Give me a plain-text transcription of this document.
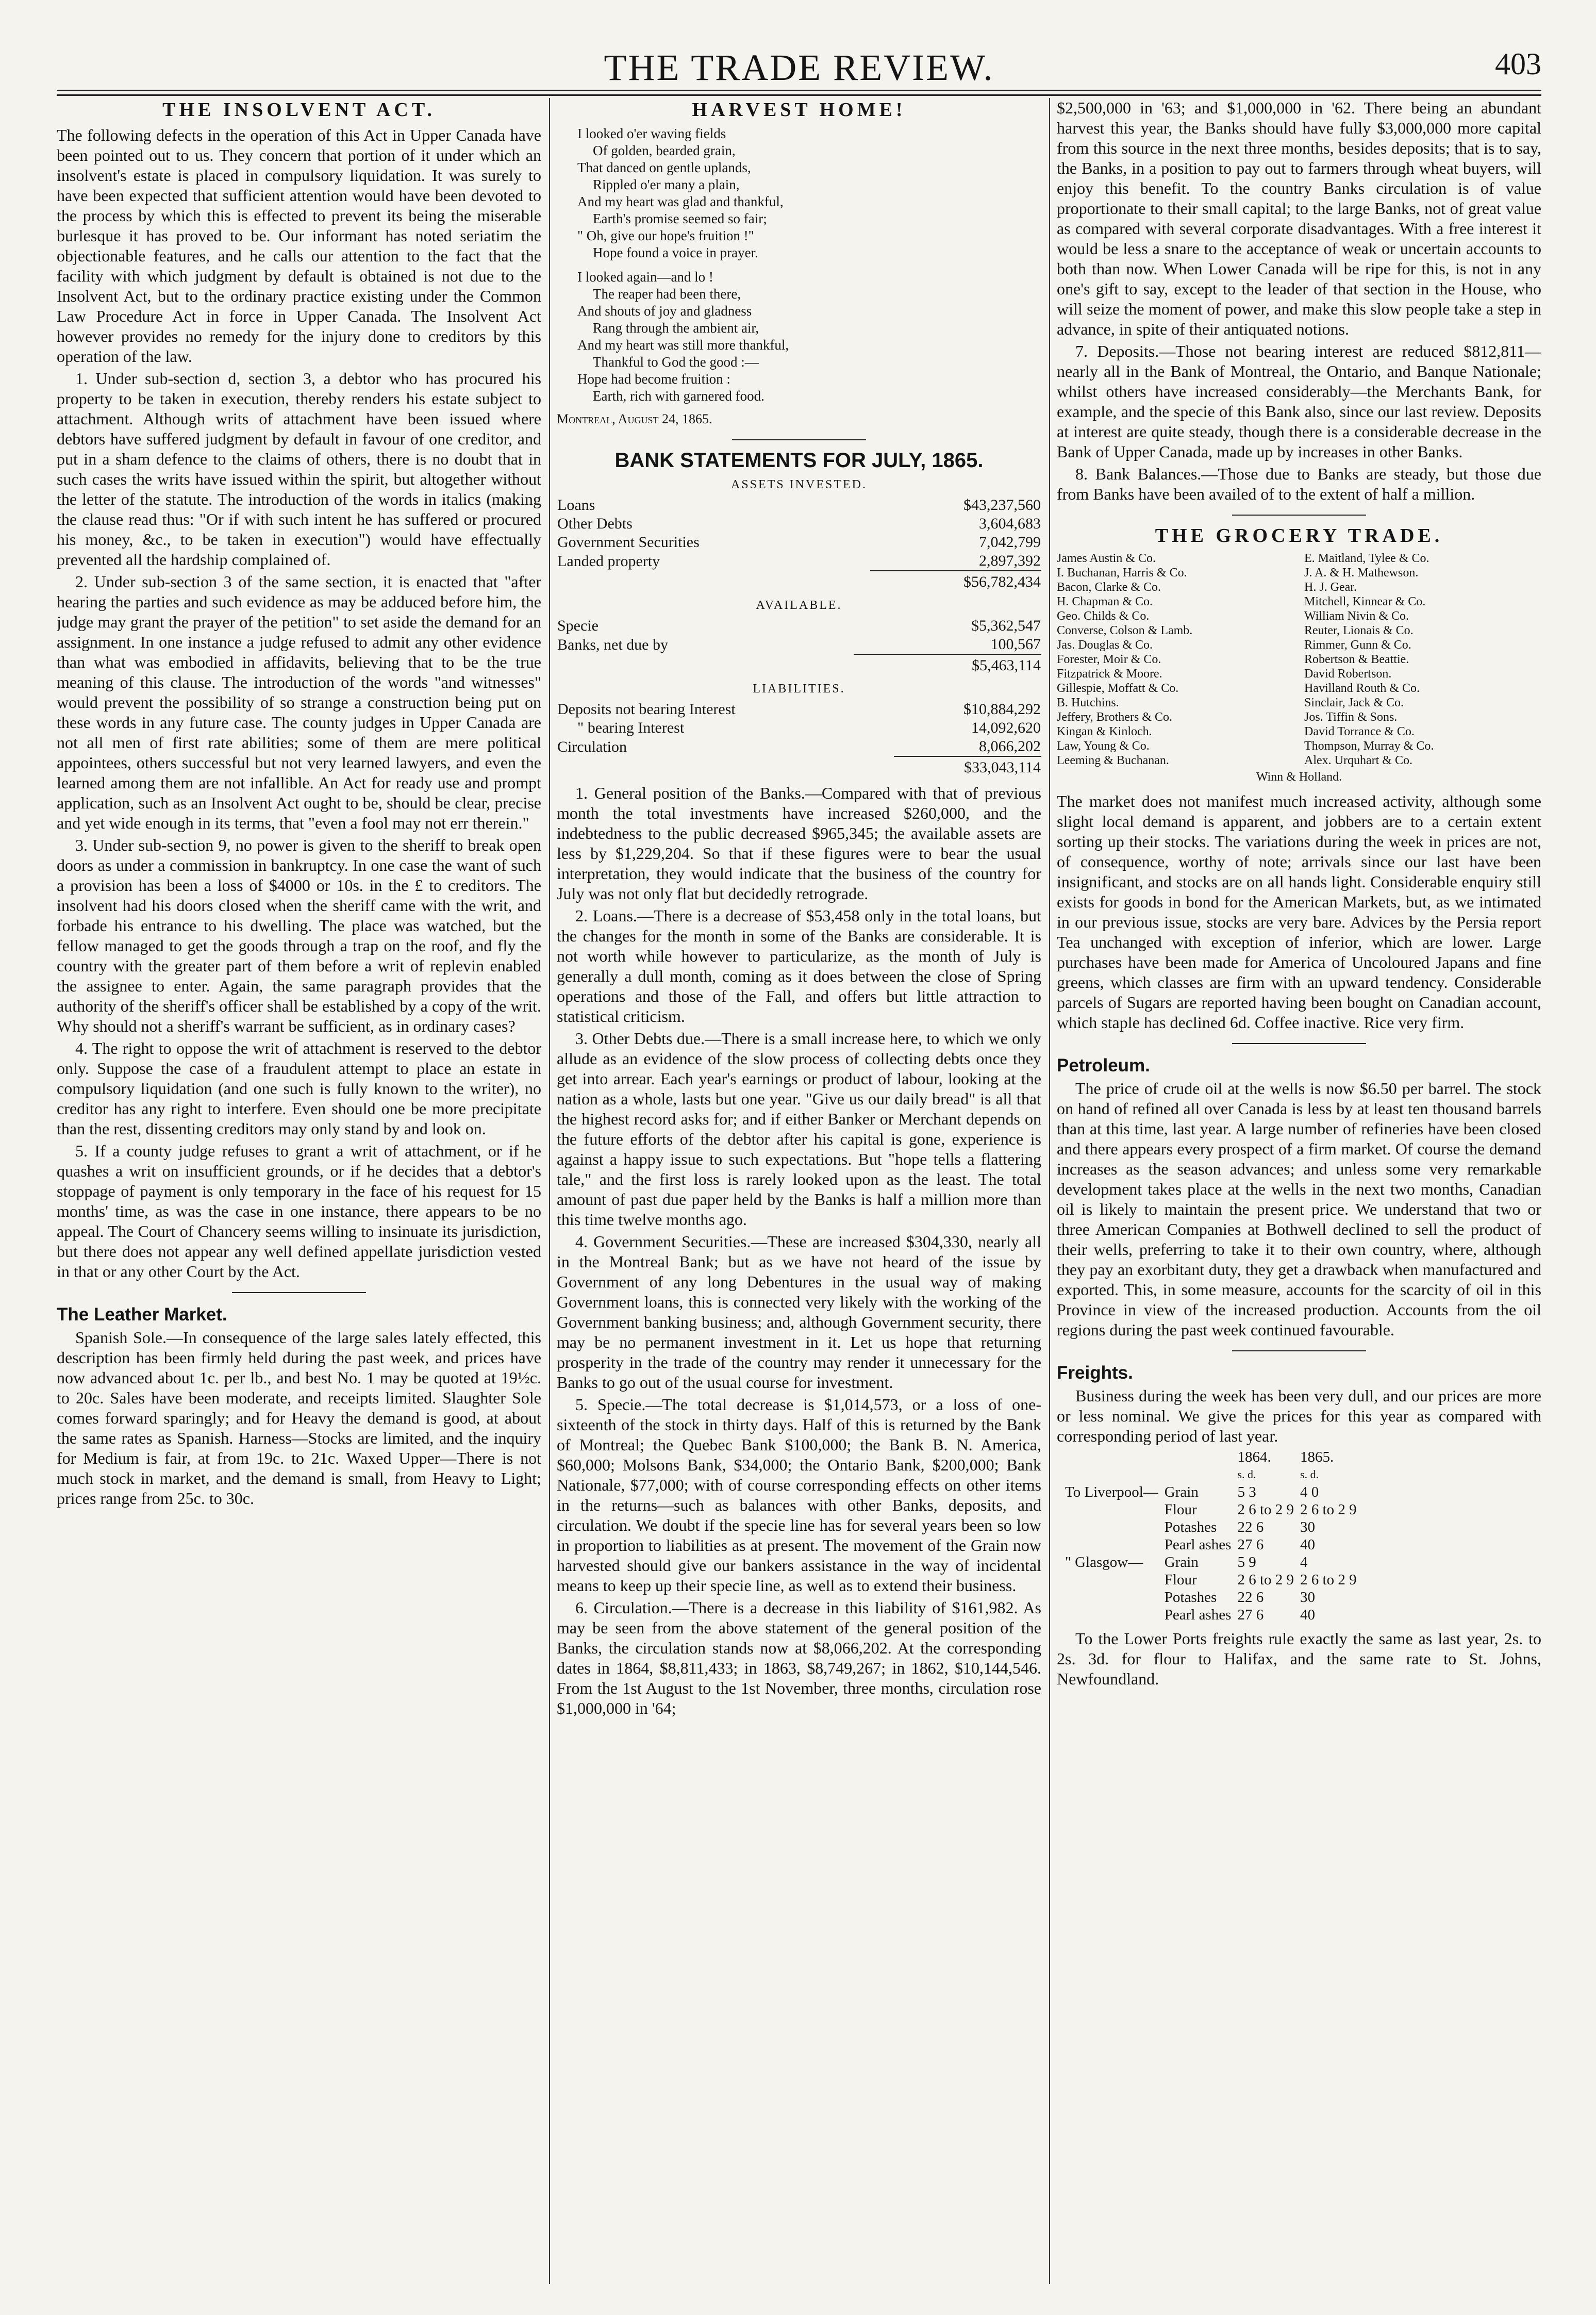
THE TRADE REVIEW.	403
THE INSOLVENT ACT.

The following defects in the operation of this Act in Upper Canada have been pointed out to us. They concern that portion of it under which an insolvent's estate is placed in compulsory liquidation. It was surely to have been expected that sufficient attention would have been devoted to the process by which this is effected to prevent its being the miserable burlesque it has proved to be. Our informant has noted seriatim the objectionable features, and he calls our attention to the fact that the facility with which judgment by default is obtained is not due to the Insolvent Act, but to the ordinary practice existing under the Common Law Procedure Act in force in Upper Canada. The Insolvent Act however provides no remedy for the injury done to creditors by this operation of the law.

1. Under sub-section d, section 3, a debtor who has procured his property to be taken in execution, thereby renders his estate subject to attachment. Although writs of attachment have been issued where debtors have suffered judgment by default in favour of one creditor, and put in a sham defence to the claims of others, there is no doubt that in such cases the writs have issued within the spirit, but altogether without the letter of the statute. The introduction of the words in italics (making the clause read thus: "Or if with such intent he has suffered or procured his money, &c., to be taken in execution") would have effectually prevented all the hardship complained of.

2. Under sub-section 3 of the same section, it is enacted that "after hearing the parties and such evidence as may be adduced before him, the judge may grant the prayer of the petition" to set aside the demand for an assignment. In one instance a judge refused to admit any other evidence than what was embodied in affidavits, believing that to be the true meaning of this clause. The introduction of the words "and witnesses" would prevent the possibility of so strange a construction being put on these words in any future case. The county judges in Upper Canada are not all men of first rate abilities; some of them are mere political appointees, others successful but not very learned lawyers, and even the learned among them are not infallible. An Act for ready use and prompt application, such as an Insolvent Act ought to be, should be clear, precise and yet wide enough in its terms, that "even a fool may not err therein."

3. Under sub-section 9, no power is given to the sheriff to break open doors as under a commission in bankruptcy. In one case the want of such a provision has been a loss of $4000 or 10s. in the £ to creditors. The insolvent had his doors closed when the sheriff came with the writ, and forbade his entrance to his dwelling. The place was watched, but the fellow managed to get the goods through a trap on the roof, and fly the country with the greater part of them before a writ of replevin enabled the assignee to enter. Again, the same paragraph provides that the authority of the sheriff's officer shall be established by a copy of the writ. Why should not a sheriff's warrant be sufficient, as in ordinary cases?

4. The right to oppose the writ of attachment is reserved to the debtor only. Suppose the case of a fraudulent attempt to place an estate in compulsory liquidation (and one such is fully known to the writer), no creditor has any right to interfere. Even should one be more precipitate than the rest, dissenting creditors may only stand by and look on.

5. If a county judge refuses to grant a writ of attachment, or if he quashes a writ on insufficient grounds, or if he decides that a debtor's stoppage of payment is only temporary in the face of his request for 15 months' time, as was the case in one instance, there appears to be no appeal. The Court of Chancery seems willing to insinuate its jurisdiction, but there does not appear any well defined appellate jurisdiction vested in that or any other Court by the Act.

The Leather Market.

Spanish Sole.—In consequence of the large sales lately effected, this description has been firmly held during the past week, and prices have now advanced about 1c. per lb., and best No. 1 may be quoted at 19½c. to 20c. Sales have been moderate, and receipts limited. Slaughter Sole comes forward sparingly; and for Heavy the demand is good, at about the same rates as Spanish. Harness—Stocks are limited, and the inquiry for Medium is fair, at from 19c. to 21c. Waxed Upper—There is not much stock in market, and the demand is small, from Heavy to Light; prices range from 25c. to 30c.

HARVEST HOME!
I looked o'er waving fields
Of golden, bearded grain,
That danced on gentle uplands,
Rippled o'er many a plain,
And my heart was glad and thankful,
Earth's promise seemed so fair;
" Oh, give our hope's fruition !"
Hope found a voice in prayer.
I looked again—and lo !
The reaper had been there,
And shouts of joy and gladness
Rang through the ambient air,
And my heart was still more thankful,
Thankful to God the good :—
Hope had become fruition :
Earth, rich with garnered food.
Montreal, August 24, 1865.
BANK STATEMENTS FOR JULY, 1865.
ASSETS INVESTED.
Loans	$43,237,560
Other Debts	3,604,683
Government Securities	7,042,799
Landed property	2,897,392
	$56,782,434
AVAILABLE.
Specie	$5,362,547
Banks, net due by	100,567
	$5,463,114
LIABILITIES.
Deposits not bearing Interest	$10,884,292
" bearing Interest	14,092,620
Circulation	8,066,202
	$33,043,114

1. General position of the Banks.—Compared with that of previous month the total investments have increased $260,000, and the indebtedness to the public decreased $965,345; the available assets are less by $1,229,204. So that if these figures were to bear the usual interpretation, they would indicate that the business of the country for July was not only flat but decidedly retrograde.

2. Loans.—There is a decrease of $53,458 only in the total loans, but the changes for the month in some of the Banks are considerable. It is not worth while however to particularize, as the month of July is generally a dull month, coming as it does between the close of Spring operations and those of the Fall, and offers but little attraction to statistical criticism.

3. Other Debts due.—There is a small increase here, to which we only allude as an evidence of the slow process of collecting debts once they get into arrear. Each year's earnings or product of labour, looking at the nation as a whole, lasts but one year. "Give us our daily bread" is all that the highest record asks for; and if either Banker or Merchant depends on the future efforts of the debtor after his capital is gone, experience is against a happy issue to such expectations. But "hope tells a flattering tale," and the first loss is rarely looked upon as the least. The total amount of past due paper held by the Banks is half a million more than this time twelve months ago.

4. Government Securities.—These are increased $304,330, nearly all in the Montreal Bank; but as we have not heard of the issue by Government of any long Debentures in the usual way of making Government loans, this is connected very likely with the working of the Government banking business; and, although Government security, there may be no permanent investment in it. Let us hope that returning prosperity in the trade of the country may render it unnecessary for the Banks to go out of the usual course for investment.

5. Specie.—The total decrease is $1,014,573, or a loss of one-sixteenth of the stock in thirty days. Half of this is returned by the Bank of Montreal; the Quebec Bank $100,000; the Bank B. N. America, $60,000; Molsons Bank, $34,000; the Ontario Bank, $200,000; Bank Nationale, $77,000; with of course corresponding effects on other items in the returns—such as balances with other Banks, deposits, and circulation. We doubt if the specie line has for several years been so low in proportion to liabilities as at present. The movement of the Grain now harvested should give our bankers assistance in the way of incidental means to keep up their specie line, as well as to extend their business.

6. Circulation.—There is a decrease in this liability of $161,982. As may be seen from the above statement of the general position of the Banks, the circulation stands now at $8,066,202. At the corresponding dates in 1864, $8,811,433; in 1863, $8,749,267; in 1862, $10,144,546. From the 1st August to the 1st November, three months, circulation rose $1,000,000 in '64;

$2,500,000 in '63; and $1,000,000 in '62. There being an abundant harvest this year, the Banks should have fully $3,000,000 more capital from this source in the next three months, besides deposits; that is to say, the Banks, in a position to pay out to farmers through wheat buyers, will enjoy this benefit. To the country Banks circulation is of value proportionate to their small capital; to the large Banks, not of great value as compared with several corporate disadvantages. With a free interest it would be less a snare to the acceptance of weak or uncertain accounts to both than now. When Lower Canada will be ripe for this, is not in any one's gift to say, except to the leader of that section in the House, who will seize the moment of power, and make this slow people take a step in advance, in spite of their antiquated notions.

7. Deposits.—Those not bearing interest are reduced $812,811—nearly all in the Bank of Montreal, the Ontario, and Banque Nationale; whilst others have increased considerably—the Merchants Bank, for example, and the specie of this Bank also, since our last review. Deposits at interest are quite steady, though there is a considerable decrease in the Bank of Upper Canada, made up by increases in other Banks.

8. Bank Balances.—Those due to Banks are steady, but those due from Banks have been availed of to the extent of half a million.

THE GROCERY TRADE.
James Austin & Co.
I. Buchanan, Harris & Co.
Bacon, Clarke & Co.
H. Chapman & Co.
Geo. Childs & Co.
Converse, Colson & Lamb.
Jas. Douglas & Co.
Forester, Moir & Co.
Fitzpatrick & Moore.
Gillespie, Moffatt & Co.
B. Hutchins.
Jeffery, Brothers & Co.
Kingan & Kinloch.
Law, Young & Co.
Leeming & Buchanan.
E. Maitland, Tylee & Co.
J. A. & H. Mathewson.
H. J. Gear.
Mitchell, Kinnear & Co.
William Nivin & Co.
Reuter, Lionais & Co.
Rimmer, Gunn & Co.
Robertson & Beattie.
David Robertson.
Havilland Routh & Co.
Sinclair, Jack & Co.
Jos. Tiffin & Sons.
David Torrance & Co.
Thompson, Murray & Co.
Alex. Urquhart & Co.
Winn & Holland.

The market does not manifest much increased activity, although some slight local demand is apparent, and jobbers are to a certain extent sorting up their stocks. The variations during the week in prices are not, of consequence, worthy of note; arrivals since our last have been insignificant, and stocks are on all hands light. Considerable enquiry still exists for goods in bond for the American Markets, but, as we intimated in our previous issue, stocks are very bare. Advices by the Persia report Tea unchanged with exception of inferior, which are lower. Large purchases have been made for America of Uncoloured Japans and fine greens, which classes are firm with an upward tendency. Considerable parcels of Sugars are reported having been bought on Canadian account, which staple has declined 6d. Coffee inactive. Rice very firm.

Petroleum.

The price of crude oil at the wells is now $6.50 per barrel. The stock on hand of refined all over Canada is less by at least ten thousand barrels than at this time, last year. A large number of refineries have been closed and there appears every prospect of a firm market. Of course the demand increases as the season advances; and unless some very remarkable development takes place at the wells in the next two months, Canadian oil is likely to maintain the present price. We understand that two or three American Companies at Bothwell declined to sell the product of their wells, preferring to take it to their own country, where, although they pay an exorbitant duty, they get a drawback when manufactured and exported. This, in some measure, accounts for the scarcity of oil in this Province in view of the increased production. Accounts from the oil regions during the past week continued favourable.

Freights.

Business during the week has been very dull, and our prices are more or less nominal. We give the prices for this year as compared with corresponding period of last year.

		1864.	1865.
		s. d.	s. d.
To Liverpool—	Grain	5 3	4 0
	Flour	2 6 to 2 9	2 6 to 2 9
	Potashes	22 6	30
	Pearl ashes	27 6	40
" Glasgow—	Grain	5 9	4
	Flour	2 6 to 2 9	2 6 to 2 9
	Potashes	22 6	30
	Pearl ashes	27 6	40

To the Lower Ports freights rule exactly the same as last year, 2s. to 2s. 3d. for flour to Halifax, and the same rate to St. Johns, Newfoundland.
